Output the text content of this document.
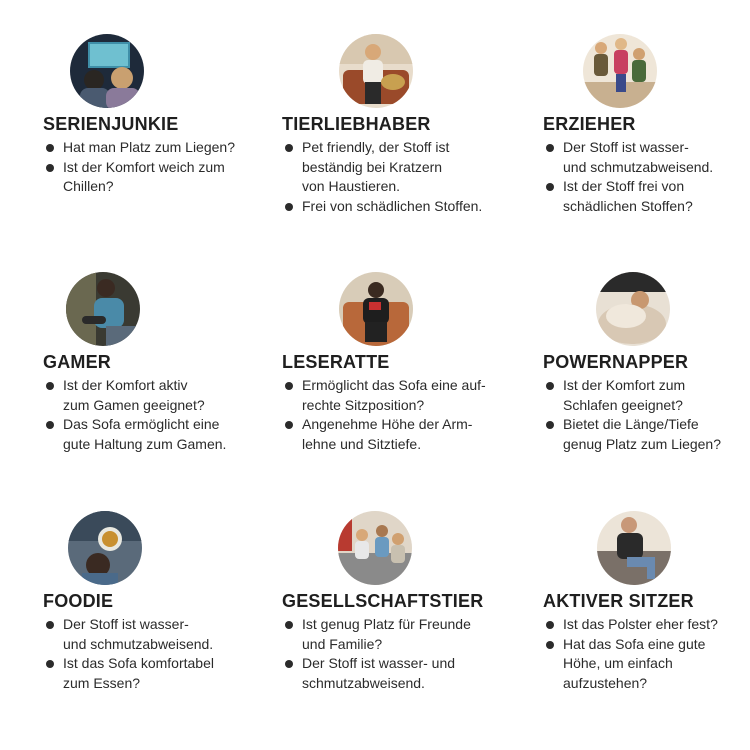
SERIENJUNKIE
Hat man Platz zum Liegen?
Ist der Komfort weich zum
Chillen?
TIERLIEBHABER
Pet friendly, der Stoff ist
beständig bei Kratzern
von Haustieren.
Frei von schädlichen Stoffen.
ERZIEHER
Der Stoff ist wasser-
und schmutzabweisend.
Ist der Stoff frei von
schädlichen Stoffen?
GAMER
Ist der Komfort aktiv
zum Gamen geeignet?
Das Sofa ermöglicht eine
gute Haltung zum Gamen.
LESERATTE
Ermöglicht das Sofa eine auf-
rechte Sitzposition?
Angenehme Höhe der Arm-
lehne und Sitztiefe.
POWERNAPPER
Ist der Komfort zum
Schlafen geeignet?
Bietet die Länge/Tiefe
genug Platz zum Liegen?
FOODIE
Der Stoff ist wasser-
und schmutzabweisend.
Ist das Sofa komfortabel
zum Essen?
GESELLSCHAFTSTIER
Ist genug Platz für Freunde
und Familie?
Der Stoff ist wasser- und
schmutzabweisend.
AKTIVER SITZER
Ist das Polster eher fest?
Hat das Sofa eine gute
Höhe, um einfach
aufzustehen?
